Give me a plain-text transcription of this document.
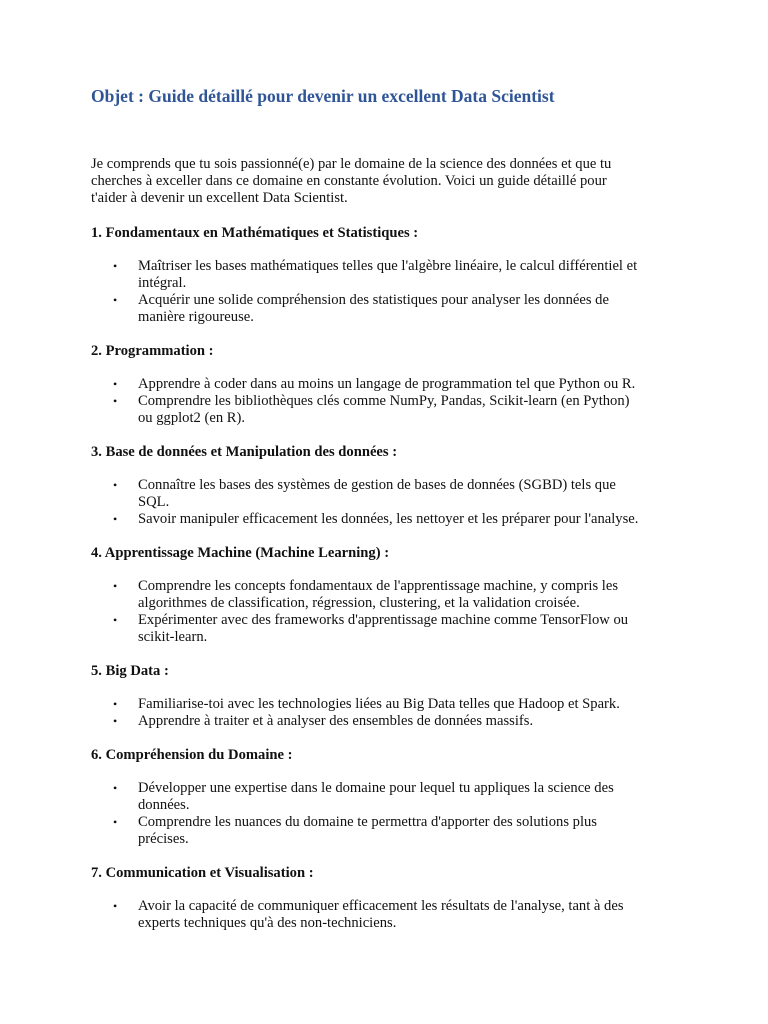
Objet : Guide détaillé pour devenir un excellent Data Scientist
Je comprends que tu sois passionné(e) par le domaine de la science des données et que tu
cherches à exceller dans ce domaine en constante évolution. Voici un guide détaillé pour
t'aider à devenir un excellent Data Scientist.
1. Fondamentaux en Mathématiques et Statistiques :
• Maîtriser les bases mathématiques telles que l'algèbre linéaire, le calcul différentiel et
intégral.
• Acquérir une solide compréhension des statistiques pour analyser les données de
manière rigoureuse.
2. Programmation :
• Apprendre à coder dans au moins un langage de programmation tel que Python ou R.
• Comprendre les bibliothèques clés comme NumPy, Pandas, Scikit-learn (en Python)
ou ggplot2 (en R).
3. Base de données et Manipulation des données :
• Connaître les bases des systèmes de gestion de bases de données (SGBD) tels que
SQL.
• Savoir manipuler efficacement les données, les nettoyer et les préparer pour l'analyse.
4. Apprentissage Machine (Machine Learning) :
• Comprendre les concepts fondamentaux de l'apprentissage machine, y compris les
algorithmes de classification, régression, clustering, et la validation croisée.
• Expérimenter avec des frameworks d'apprentissage machine comme TensorFlow ou
scikit-learn.
5. Big Data :
• Familiarise-toi avec les technologies liées au Big Data telles que Hadoop et Spark.
• Apprendre à traiter et à analyser des ensembles de données massifs.
6. Compréhension du Domaine :
• Développer une expertise dans le domaine pour lequel tu appliques la science des
données.
• Comprendre les nuances du domaine te permettra d'apporter des solutions plus
précises.
7. Communication et Visualisation :
• Avoir la capacité de communiquer efficacement les résultats de l'analyse, tant à des
experts techniques qu'à des non-techniciens.
